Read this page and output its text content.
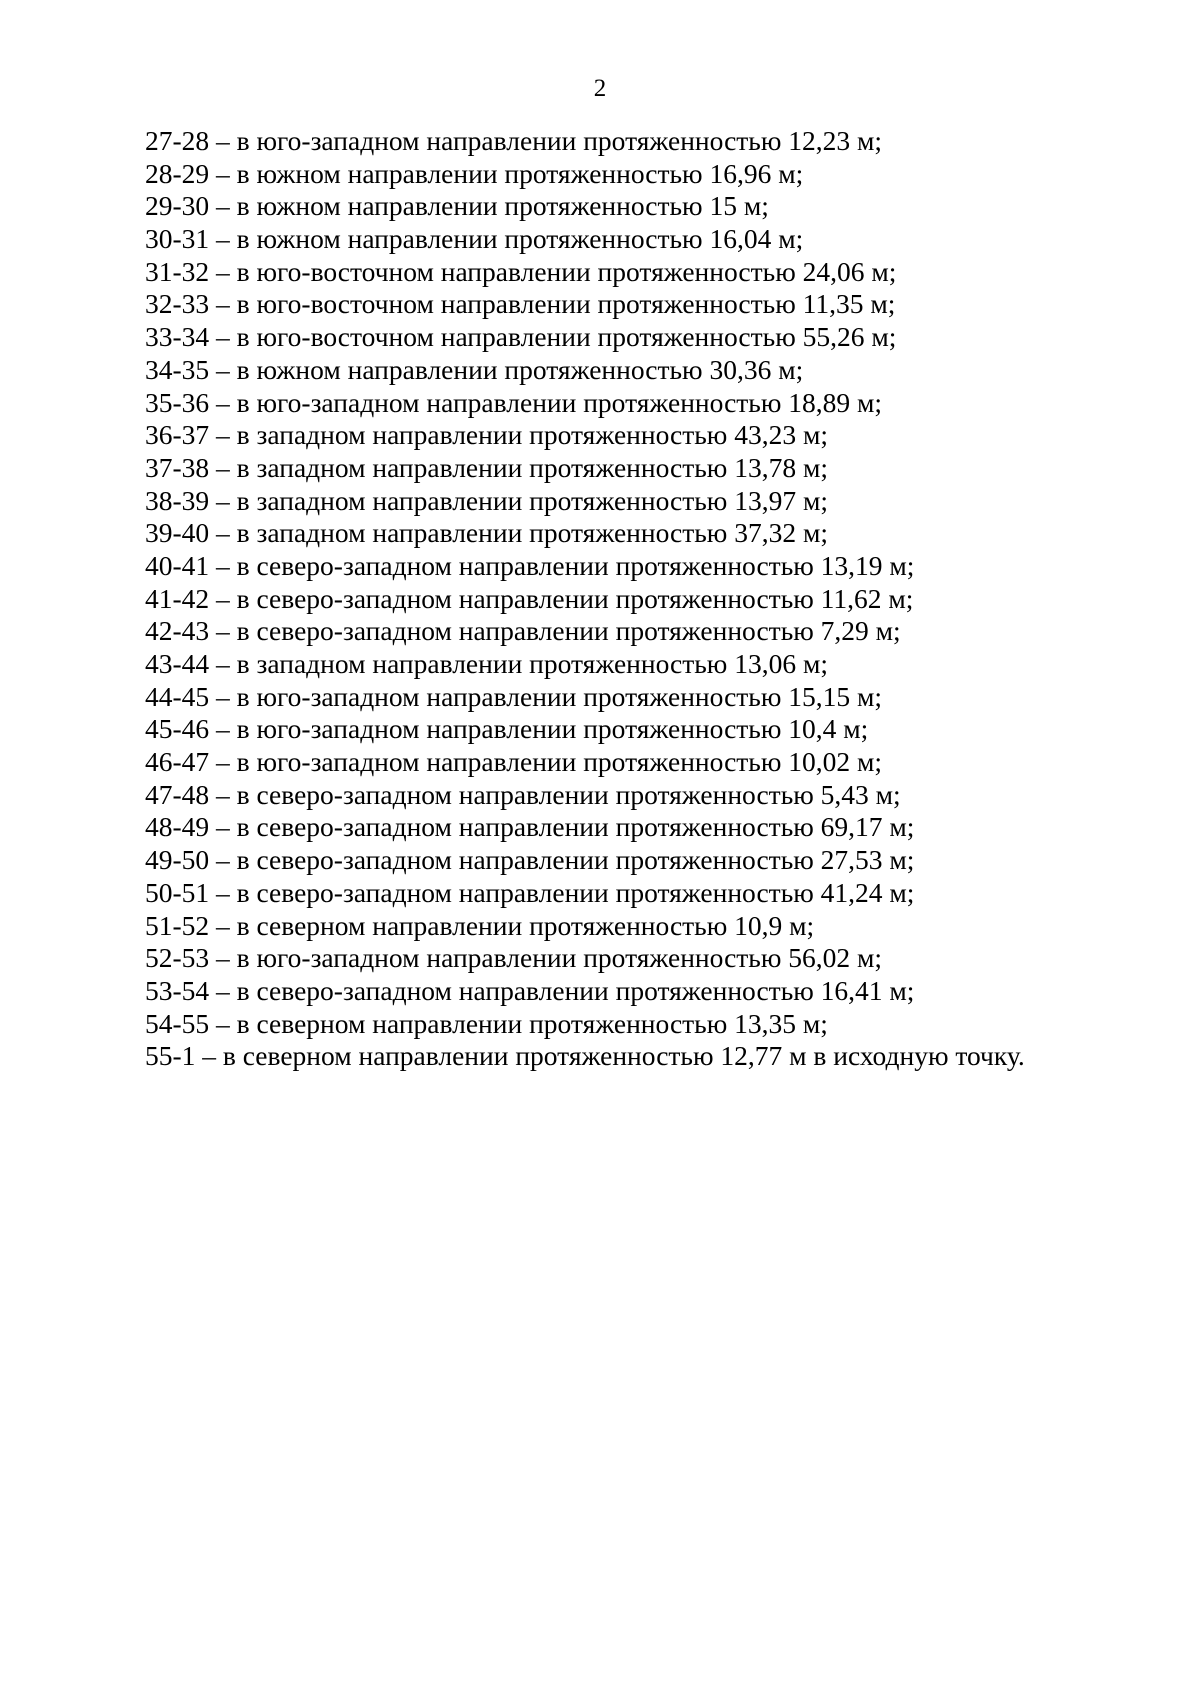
2
27-28 – в юго-западном направлении протяженностью 12,23 м;
28-29 – в южном направлении протяженностью 16,96 м;
29-30 – в южном направлении протяженностью 15 м;
30-31 – в южном направлении протяженностью 16,04 м;
31-32 – в юго-восточном направлении протяженностью 24,06 м;
32-33 – в юго-восточном направлении протяженностью 11,35 м;
33-34 – в юго-восточном направлении протяженностью 55,26 м;
34-35 – в южном направлении протяженностью 30,36 м;
35-36 – в юго-западном направлении протяженностью 18,89 м;
36-37 – в западном направлении протяженностью 43,23 м;
37-38 – в западном направлении протяженностью 13,78 м;
38-39 – в западном направлении протяженностью 13,97 м;
39-40 – в западном направлении протяженностью 37,32 м;
40-41 – в северо-западном направлении протяженностью 13,19 м;
41-42 – в северо-западном направлении протяженностью 11,62 м;
42-43 – в северо-западном направлении протяженностью 7,29 м;
43-44 – в западном направлении протяженностью 13,06 м;
44-45 – в юго-западном направлении протяженностью 15,15 м;
45-46 – в юго-западном направлении протяженностью 10,4 м;
46-47 – в юго-западном направлении протяженностью 10,02 м;
47-48 – в северо-западном направлении протяженностью 5,43 м;
48-49 – в северо-западном направлении протяженностью 69,17 м;
49-50 – в северо-западном направлении протяженностью 27,53 м;
50-51 – в северо-западном направлении протяженностью 41,24 м;
51-52 – в северном направлении протяженностью 10,9 м;
52-53 – в юго-западном направлении протяженностью 56,02 м;
53-54 – в северо-западном направлении протяженностью 16,41 м;
54-55 – в северном направлении протяженностью 13,35 м;
55-1 – в северном направлении протяженностью 12,77 м в исходную точку.
